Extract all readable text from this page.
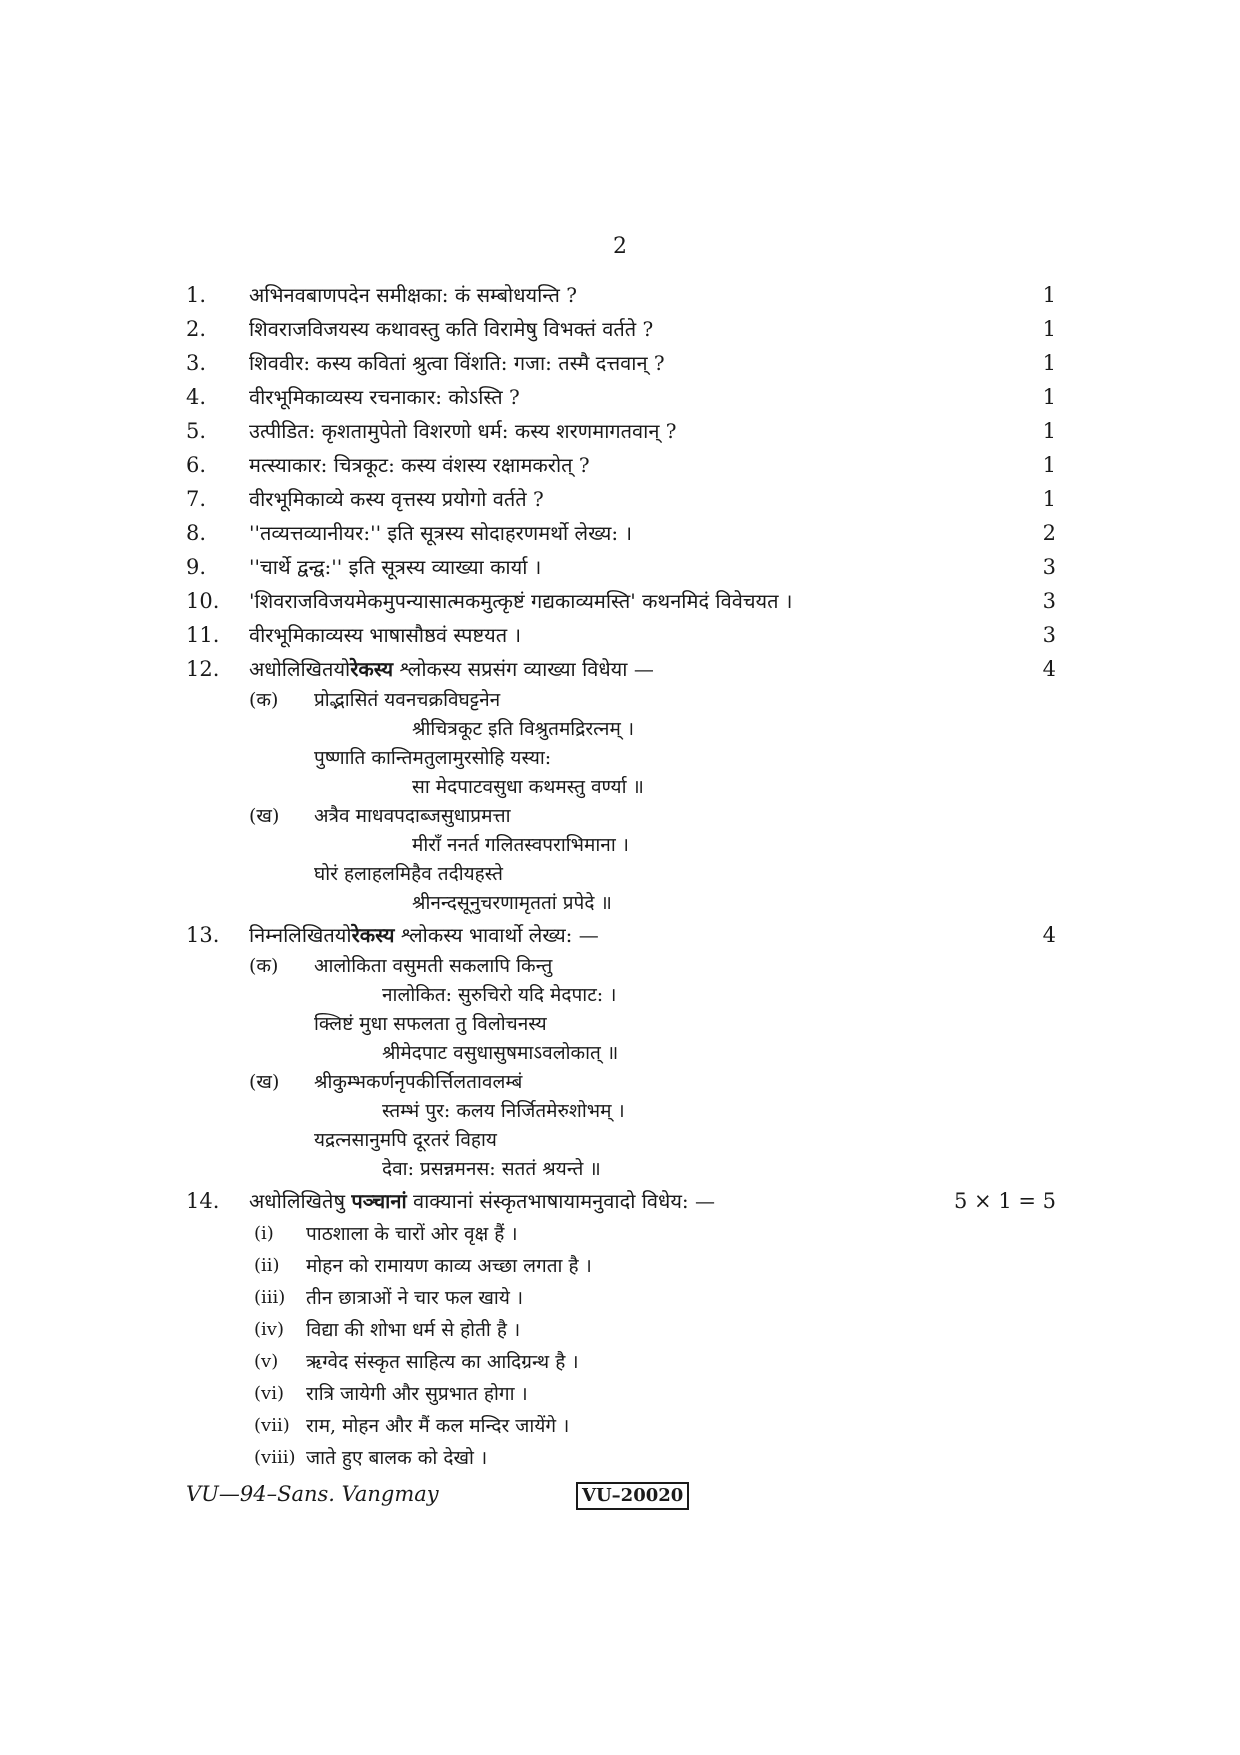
2
1.	अभिनवबाणपदेन समीक्षका: कं सम्बोधयन्ति ?	1
2.	शिवराजविजयस्य कथावस्तु कति विरामेषु विभक्तं वर्तते ?	1
3.	शिववीर: कस्य कवितां श्रुत्वा विंशति: गजा: तस्मै दत्तवान् ?	1
4.	वीरभूमिकाव्यस्य रचनाकार: कोऽस्ति ?	1
5.	उत्पीडित: कृशतामुपेतो विशरणो धर्म: कस्य शरणमागतवान् ?	1
6.	मत्स्याकार: चित्रकूट: कस्य वंशस्य रक्षामकरोत् ?	1
7.	वीरभूमिकाव्ये कस्य वृत्तस्य प्रयोगो वर्तते ?	1
8.	''तव्यत्तव्यानीयर:'' इति सूत्रस्य सोदाहरणमर्थो लेख्य: ।	2
9.	''चार्थे द्वन्द्व:'' इति सूत्रस्य व्याख्या कार्या ।	3
10.	'शिवराजविजयमेकमुपन्यासात्मकमुत्कृष्टं गद्यकाव्यमस्ति' कथनमिदं विवेचयत ।	3
11.	वीरभूमिकाव्यस्य भाषासौष्ठवं स्पष्टयत ।	3
12.	अधोलिखितयोरेकस्य श्लोकस्य सप्रसंग व्याख्या विधेया —	4
(क) प्रोद्भासितं यवनचक्रविघट्टनेन
श्रीचित्रकूट इति विश्रुतमद्रिरत्नम् ।
पुष्णाति कान्तिमतुलामुरसोहि यस्या:
सा मेदपाटवसुधा कथमस्तु वर्ण्या ॥
(ख) अत्रैव माधवपदाब्जसुधाप्रमत्ता
मीराँ ननर्त गलितस्वपराभिमाना ।
घोरं हलाहलमिहैव तदीयहस्ते
श्रीनन्दसूनुचरणामृततां प्रपेदे ॥
13.	निम्नलिखितयोरेकस्य श्लोकस्य भावार्थो लेख्य: —	4
(क) आलोकिता वसुमती सकलापि किन्तु
नालोकित: सुरुचिरो यदि मेदपाट: ।
क्लिष्टं मुधा सफलता तु विलोचनस्य
श्रीमेदपाट वसुधासुषमाऽवलोकात् ॥
(ख) श्रीकुम्भकर्णनृपकीर्त्तिलतावलम्बं
स्तम्भं पुर: कलय निर्जितमेरुशोभम् ।
यद्रत्नसानुमपि दूरतरं विहाय
देवा: प्रसन्नमनस: सततं श्रयन्ते ॥
14.	अधोलिखितेषु पञ्चानां वाक्यानां संस्कृतभाषायामनुवादो विधेय: —	5 × 1 = 5
(i) पाठशाला के चारों ओर वृक्ष हैं ।
(ii) मोहन को रामायण काव्य अच्छा लगता है ।
(iii) तीन छात्राओं ने चार फल खाये ।
(iv) विद्या की शोभा धर्म से होती है ।
(v) ऋग्वेद संस्कृत साहित्य का आदिग्रन्थ है ।
(vi) रात्रि जायेगी और सुप्रभात होगा ।
(vii) राम, मोहन और मैं कल मन्दिर जायेंगे ।
(viii) जाते हुए बालक को देखो ।
VU—94–Sans. Vangmay	VU–20020
